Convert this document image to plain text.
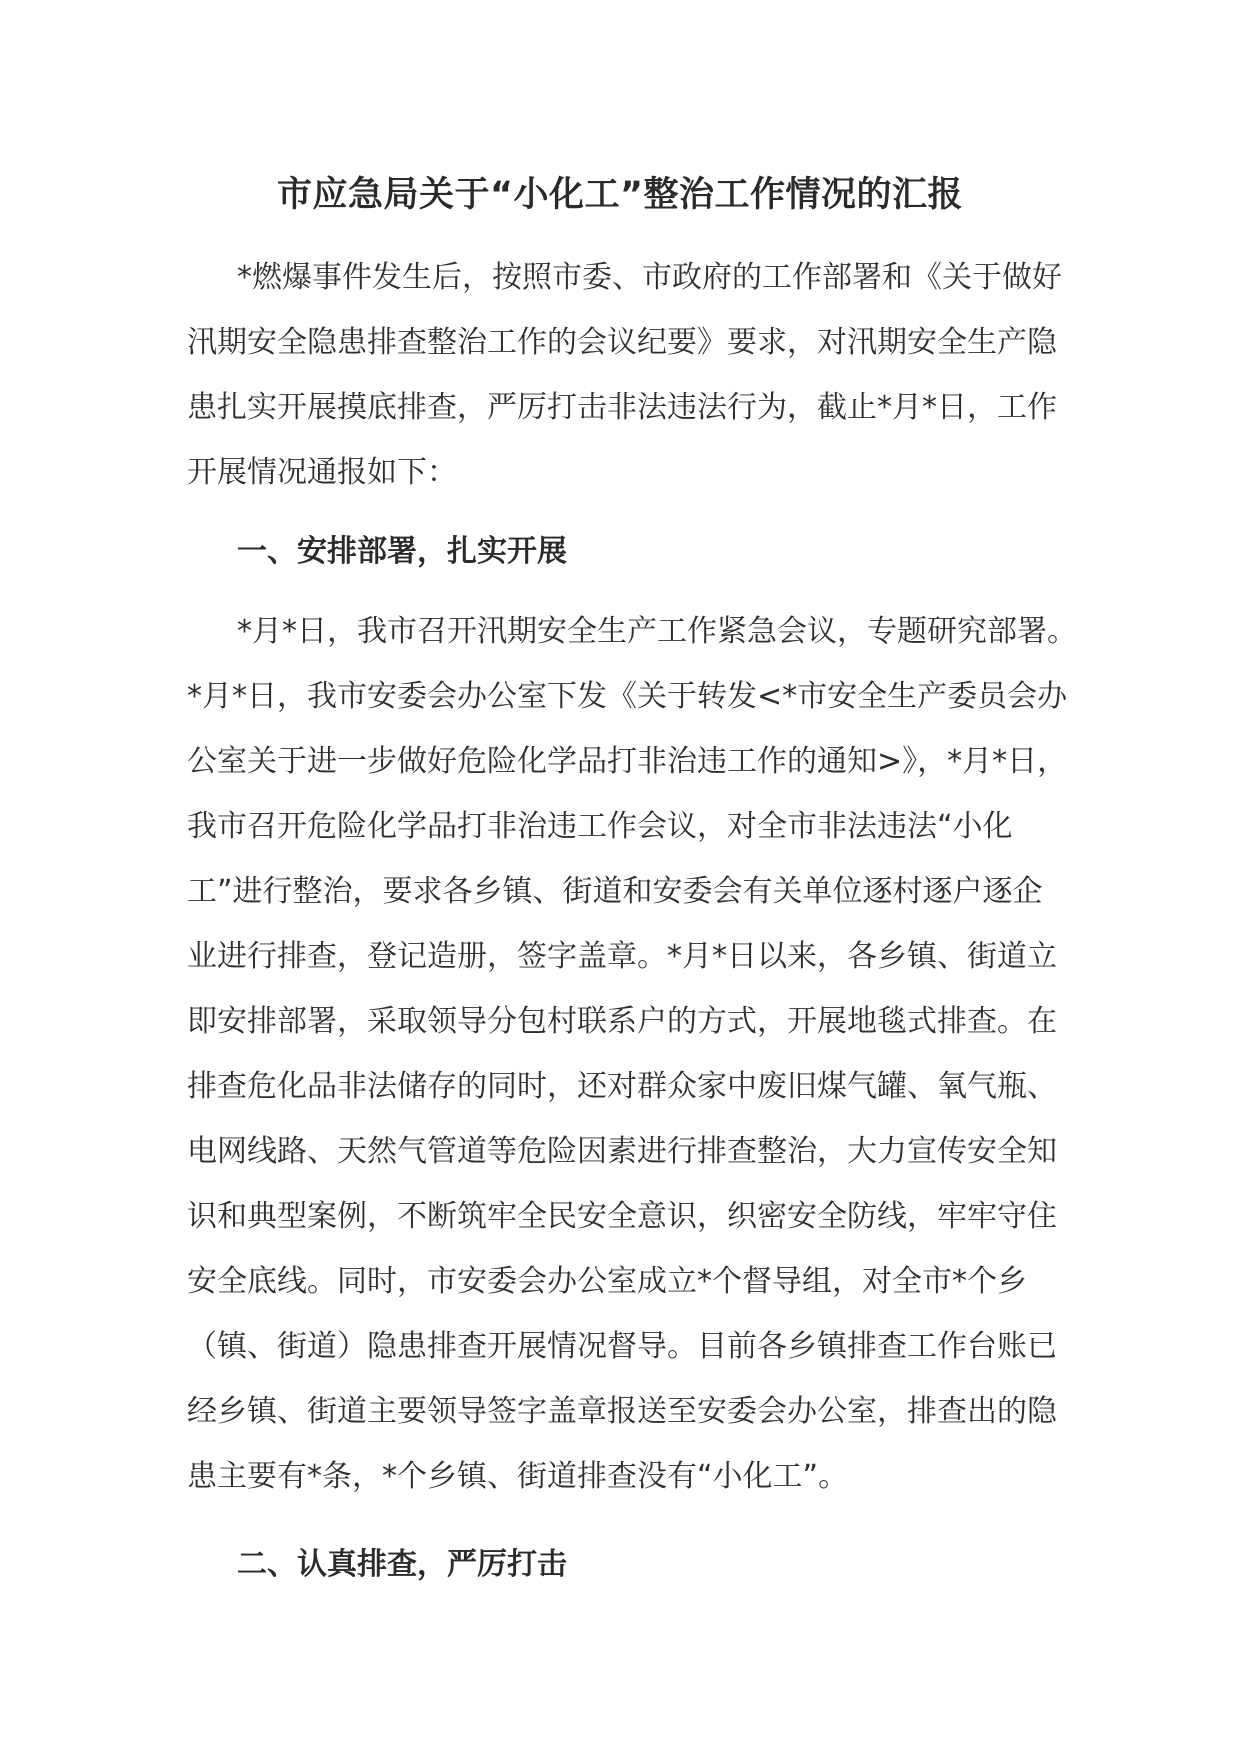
市应急局关于“小化工”整治工作情况的汇报

*燃爆事件发生后，按照市委、市政府的工作部署和《关于做好
汛期安全隐患排查整治工作的会议纪要》要求，对汛期安全生产隐
患扎实开展摸底排查，严厉打击非法违法行为，截止*月*日，工作
开展情况通报如下：

一、安排部署，扎实开展

*月*日，我市召开汛期安全生产工作紧急会议，专题研究部署。
*月*日，我市安委会办公室下发《关于转发<*市安全生产委员会办
公室关于进一步做好危险化学品打非治违工作的通知>》，*月*日，
我市召开危险化学品打非治违工作会议，对全市非法违法“小化
工”进行整治，要求各乡镇、街道和安委会有关单位逐村逐户逐企
业进行排查，登记造册，签字盖章。*月*日以来，各乡镇、街道立
即安排部署，采取领导分包村联系户的方式，开展地毯式排查。在
排查危化品非法储存的同时，还对群众家中废旧煤气罐、氧气瓶、
电网线路、天然气管道等危险因素进行排查整治，大力宣传安全知
识和典型案例，不断筑牢全民安全意识，织密安全防线，牢牢守住
安全底线。同时，市安委会办公室成立*个督导组，对全市*个乡
（镇、街道）隐患排查开展情况督导。目前各乡镇排查工作台账已
经乡镇、街道主要领导签字盖章报送至安委会办公室，排查出的隐
患主要有*条，*个乡镇、街道排查没有“小化工”。

二、认真排查，严厉打击
